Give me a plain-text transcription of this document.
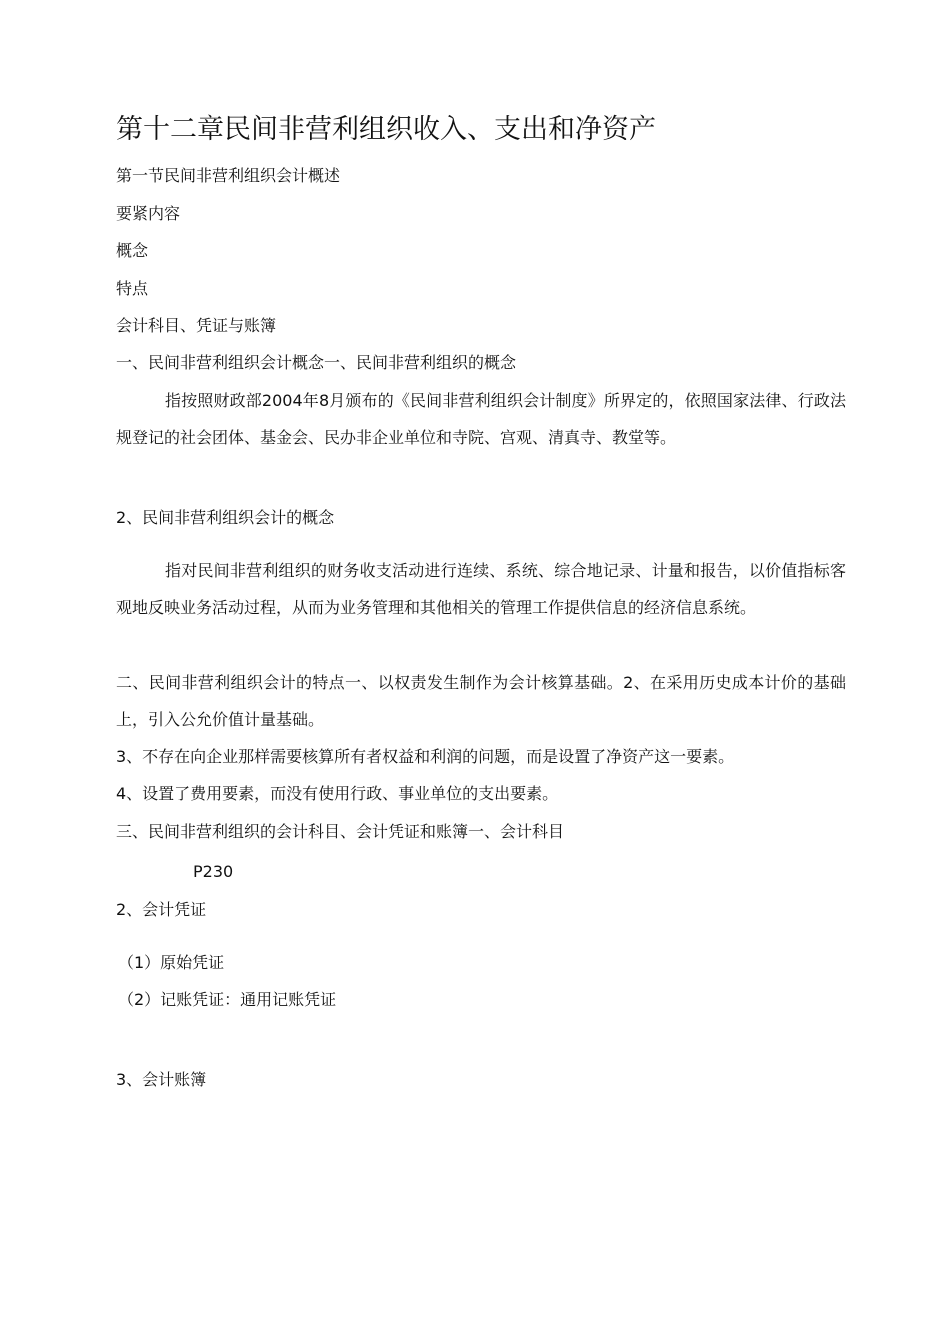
第十二章民间非营利组织收入、支出和净资产
第一节民间非营利组织会计概述
要紧内容
概念
特点
会计科目、凭证与账簿
一、民间非营利组织会计概念一、民间非营利组织的概念
指按照财政部2004年8月颁布的《民间非营利组织会计制度》所界定的，依照国家法律、行政法规登记的社会团体、基金会、民办非企业单位和寺院、宫观、清真寺、教堂等。
2、民间非营利组织会计的概念
指对民间非营利组织的财务收支活动进行连续、系统、综合地记录、计量和报告，以价值指标客观地反映业务活动过程，从而为业务管理和其他相关的管理工作提供信息的经济信息系统。
二、民间非营利组织会计的特点一、以权责发生制作为会计核算基础。2、在采用历史成本计价的基础上，引入公允价值计量基础。
3、不存在向企业那样需要核算所有者权益和利润的问题，而是设置了净资产这一要素。
4、设置了费用要素，而没有使用行政、事业单位的支出要素。
三、民间非营利组织的会计科目、会计凭证和账簿一、会计科目
P230
2、会计凭证
（1）原始凭证
（2）记账凭证：通用记账凭证
3、会计账簿
